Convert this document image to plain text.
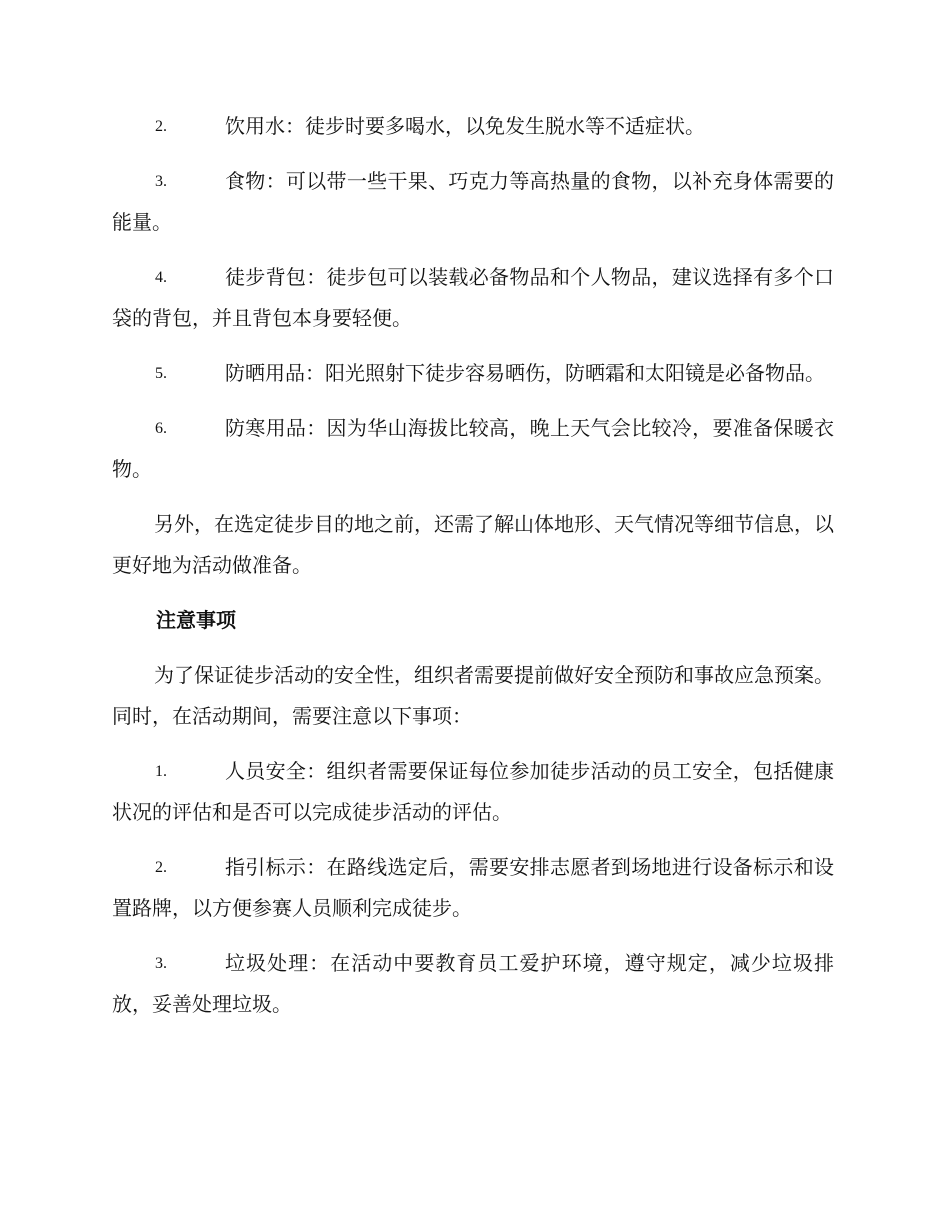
2.	饮用水：徒步时要多喝水，以免发生脱水等不适症状。
3.	食物：可以带一些干果、巧克力等高热量的食物，以补充身体需要的能量。
4.	徒步背包：徒步包可以装载必备物品和个人物品，建议选择有多个口袋的背包，并且背包本身要轻便。
5.	防晒用品：阳光照射下徒步容易晒伤，防晒霜和太阳镜是必备物品。
6.	防寒用品：因为华山海拔比较高，晚上天气会比较冷，要准备保暖衣物。
另外，在选定徒步目的地之前，还需了解山体地形、天气情况等细节信息，以更好地为活动做准备。
注意事项
为了保证徒步活动的安全性，组织者需要提前做好安全预防和事故应急预案。同时，在活动期间，需要注意以下事项：
1.	人员安全：组织者需要保证每位参加徒步活动的员工安全，包括健康状况的评估和是否可以完成徒步活动的评估。
2.	指引标示：在路线选定后，需要安排志愿者到场地进行设备标示和设置路牌，以方便参赛人员顺利完成徒步。
3.	垃圾处理：在活动中要教育员工爱护环境，遵守规定，减少垃圾排放，妥善处理垃圾。
